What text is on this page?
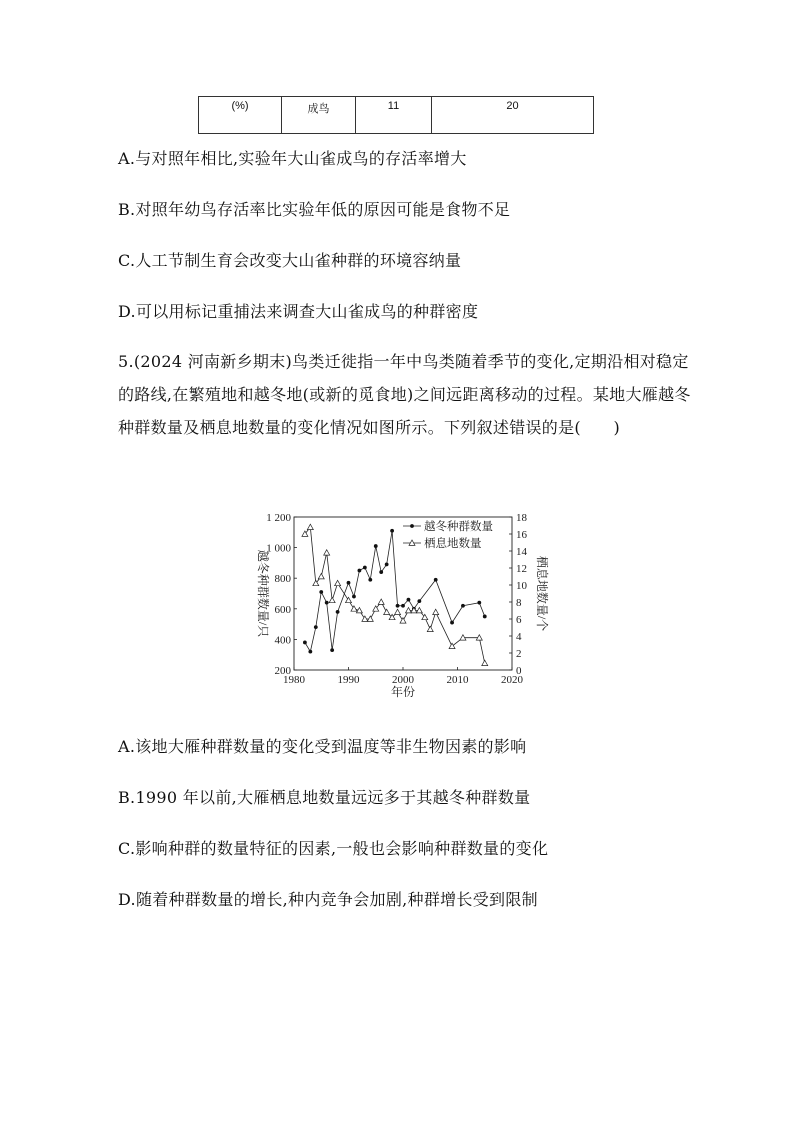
(%)	成鸟	11	20
A.与对照年相比,实验年大山雀成鸟的存活率增大
B.对照年幼鸟存活率比实验年低的原因可能是食物不足
C.人工节制生育会改变大山雀种群的环境容纳量
D.可以用标记重捕法来调查大山雀成鸟的种群密度
5.(2024 河南新乡期末)鸟类迁徙指一年中鸟类随着季节的变化,定期沿相对稳定的路线,在繁殖地和越冬地(或新的觅食地)之间远距离移动的过程。某地大雁越冬种群数量及栖息地数量的变化情况如图所示。下列叙述错误的是(　　)
1980	1990	2000	2010	2020
1 200
1 000
800
600
400
200
18
16
14
12
10
8
6
4
2
0
年份
越冬种群数量/只	栖息地数量/个
越冬种群数量
栖息地数量
A.该地大雁种群数量的变化受到温度等非生物因素的影响
B.1990 年以前,大雁栖息地数量远远多于其越冬种群数量
C.影响种群的数量特征的因素,一般也会影响种群数量的变化
D.随着种群数量的增长,种内竞争会加剧,种群增长受到限制
